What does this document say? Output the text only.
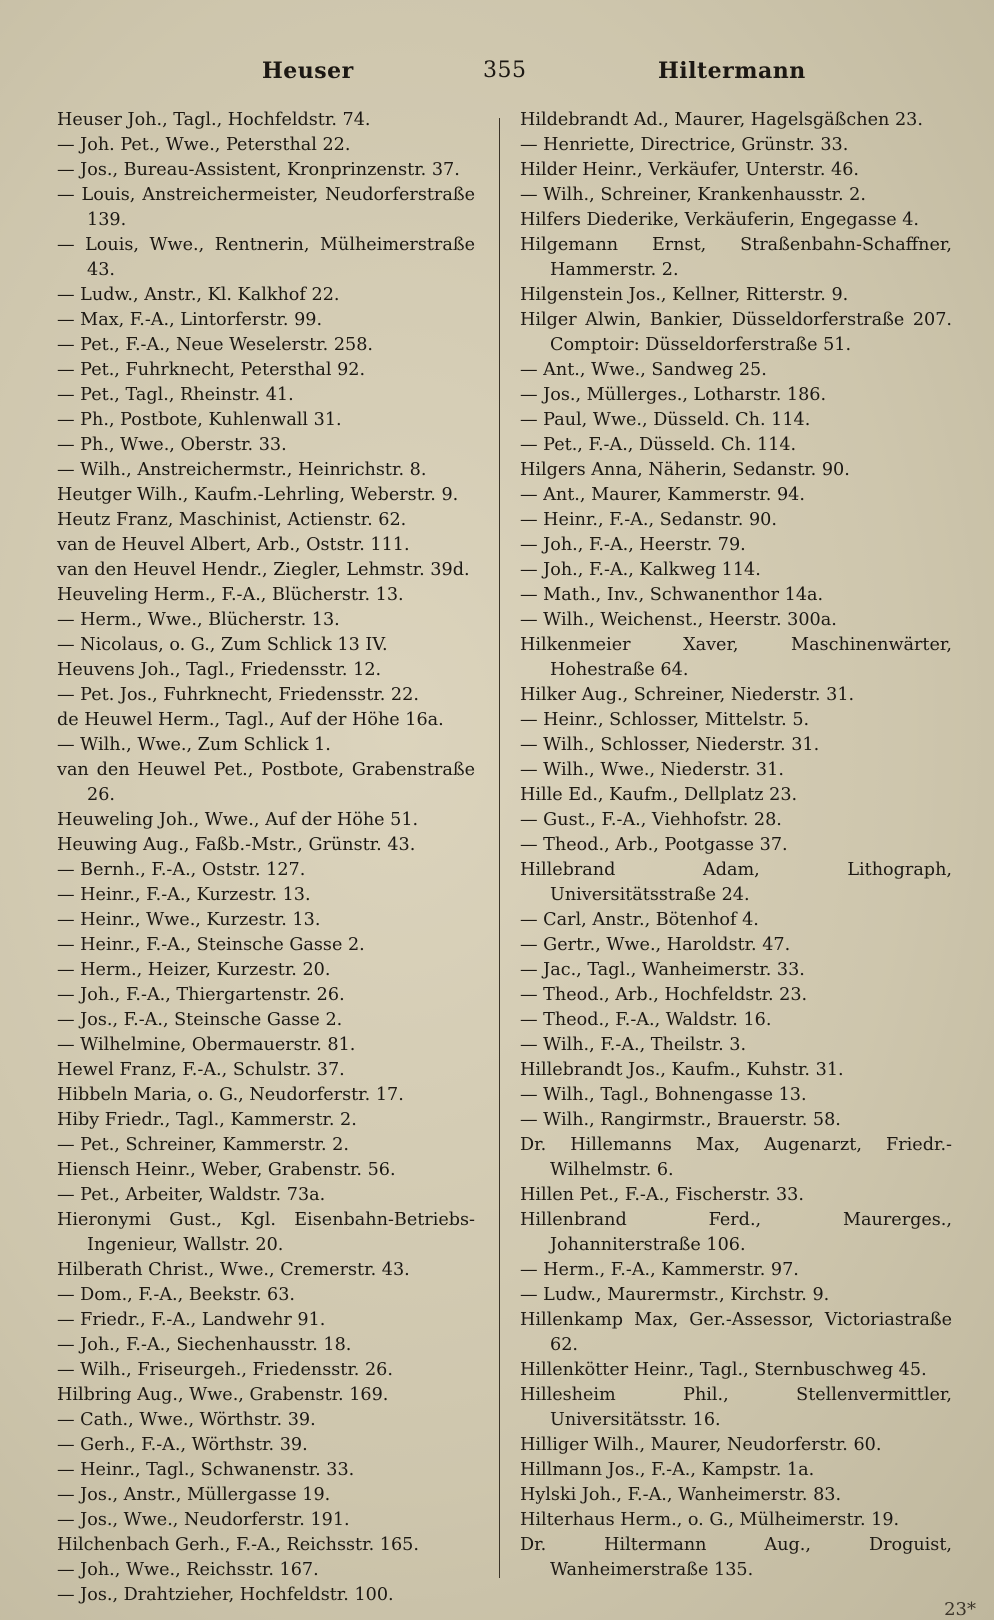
Heuser	355	Hiltermann

Heuser Joh., Tagl., Hochfeldstr. 74.

— Joh. Pet., Wwe., Petersthal 22.

— Jos., Bureau-Assistent, Kronprinzenstr. 37.

— Louis, Anstreichermeister, Neudorferstraße 139.

— Louis, Wwe., Rentnerin, Mülheimerstraße 43.

— Ludw., Anstr., Kl. Kalkhof 22.

— Max, F.-A., Lintorferstr. 99.

— Pet., F.-A., Neue Weselerstr. 258.

— Pet., Fuhrknecht, Petersthal 92.

— Pet., Tagl., Rheinstr. 41.

— Ph., Postbote, Kuhlenwall 31.

— Ph., Wwe., Oberstr. 33.

— Wilh., Anstreichermstr., Heinrichstr. 8.

Heutger Wilh., Kaufm.-Lehrling, Weberstr. 9.

Heutz Franz, Maschinist, Actienstr. 62.

van de Heuvel Albert, Arb., Oststr. 111.

van den Heuvel Hendr., Ziegler, Lehmstr. 39d.

Heuveling Herm., F.-A., Blücherstr. 13.

— Herm., Wwe., Blücherstr. 13.

— Nicolaus, o. G., Zum Schlick 13 IV.

Heuvens Joh., Tagl., Friedensstr. 12.

— Pet. Jos., Fuhrknecht, Friedensstr. 22.

de Heuwel Herm., Tagl., Auf der Höhe 16a.

— Wilh., Wwe., Zum Schlick 1.

van den Heuwel Pet., Postbote, Grabenstraße 26.

Heuweling Joh., Wwe., Auf der Höhe 51.

Heuwing Aug., Faßb.-Mstr., Grünstr. 43.

— Bernh., F.-A., Oststr. 127.

— Heinr., F.-A., Kurzestr. 13.

— Heinr., Wwe., Kurzestr. 13.

— Heinr., F.-A., Steinsche Gasse 2.

— Herm., Heizer, Kurzestr. 20.

— Joh., F.-A., Thiergartenstr. 26.

— Jos., F.-A., Steinsche Gasse 2.

— Wilhelmine, Obermauerstr. 81.

Hewel Franz, F.-A., Schulstr. 37.

Hibbeln Maria, o. G., Neudorferstr. 17.

Hiby Friedr., Tagl., Kammerstr. 2.

— Pet., Schreiner, Kammerstr. 2.

Hiensch Heinr., Weber, Grabenstr. 56.

— Pet., Arbeiter, Waldstr. 73a.

Hieronymi Gust., Kgl. Eisenbahn-Betriebs-Ingenieur, Wallstr. 20.

Hilberath Christ., Wwe., Cremerstr. 43.

— Dom., F.-A., Beekstr. 63.

— Friedr., F.-A., Landwehr 91.

— Joh., F.-A., Siechenhausstr. 18.

— Wilh., Friseurgeh., Friedensstr. 26.

Hilbring Aug., Wwe., Grabenstr. 169.

— Cath., Wwe., Wörthstr. 39.

— Gerh., F.-A., Wörthstr. 39.

— Heinr., Tagl., Schwanenstr. 33.

— Jos., Anstr., Müllergasse 19.

— Jos., Wwe., Neudorferstr. 191.

Hilchenbach Gerh., F.-A., Reichsstr. 165.

— Joh., Wwe., Reichsstr. 167.

— Jos., Drahtzieher, Hochfeldstr. 100.

Hildebrandt Ad., Maurer, Hagelsgäßchen 23.

— Henriette, Directrice, Grünstr. 33.

Hilder Heinr., Verkäufer, Unterstr. 46.

— Wilh., Schreiner, Krankenhausstr. 2.

Hilfers Diederike, Verkäuferin, Engegasse 4.

Hilgemann Ernst, Straßenbahn-Schaffner, Hammerstr. 2.

Hilgenstein Jos., Kellner, Ritterstr. 9.

Hilger Alwin, Bankier, Düsseldorferstraße 207. Comptoir: Düsseldorferstraße 51.

— Ant., Wwe., Sandweg 25.

— Jos., Müllerges., Lotharstr. 186.

— Paul, Wwe., Düsseld. Ch. 114.

— Pet., F.-A., Düsseld. Ch. 114.

Hilgers Anna, Näherin, Sedanstr. 90.

— Ant., Maurer, Kammerstr. 94.

— Heinr., F.-A., Sedanstr. 90.

— Joh., F.-A., Heerstr. 79.

— Joh., F.-A., Kalkweg 114.

— Math., Inv., Schwanenthor 14a.

— Wilh., Weichenst., Heerstr. 300a.

Hilkenmeier Xaver, Maschinenwärter, Hohestraße 64.

Hilker Aug., Schreiner, Niederstr. 31.

— Heinr., Schlosser, Mittelstr. 5.

— Wilh., Schlosser, Niederstr. 31.

— Wilh., Wwe., Niederstr. 31.

Hille Ed., Kaufm., Dellplatz 23.

— Gust., F.-A., Viehhofstr. 28.

— Theod., Arb., Pootgasse 37.

Hillebrand Adam, Lithograph, Universitätsstraße 24.

— Carl, Anstr., Bötenhof 4.

— Gertr., Wwe., Haroldstr. 47.

— Jac., Tagl., Wanheimerstr. 33.

— Theod., Arb., Hochfeldstr. 23.

— Theod., F.-A., Waldstr. 16.

— Wilh., F.-A., Theilstr. 3.

Hillebrandt Jos., Kaufm., Kuhstr. 31.

— Wilh., Tagl., Bohnengasse 13.

— Wilh., Rangirmstr., Brauerstr. 58.

Dr. Hillemanns Max, Augenarzt, Friedr.-Wilhelmstr. 6.

Hillen Pet., F.-A., Fischerstr. 33.

Hillenbrand Ferd., Maurerges., Johanniterstraße 106.

— Herm., F.-A., Kammerstr. 97.

— Ludw., Maurermstr., Kirchstr. 9.

Hillenkamp Max, Ger.-Assessor, Victoriastraße 62.

Hillenkötter Heinr., Tagl., Sternbuschweg 45.

Hillesheim Phil., Stellenvermittler, Universitätsstr. 16.

Hilliger Wilh., Maurer, Neudorferstr. 60.

Hillmann Jos., F.-A., Kampstr. 1a.

Hylski Joh., F.-A., Wanheimerstr. 83.

Hilterhaus Herm., o. G., Mülheimerstr. 19.

Dr. Hiltermann Aug., Droguist, Wanheimerstraße 135.

23*
